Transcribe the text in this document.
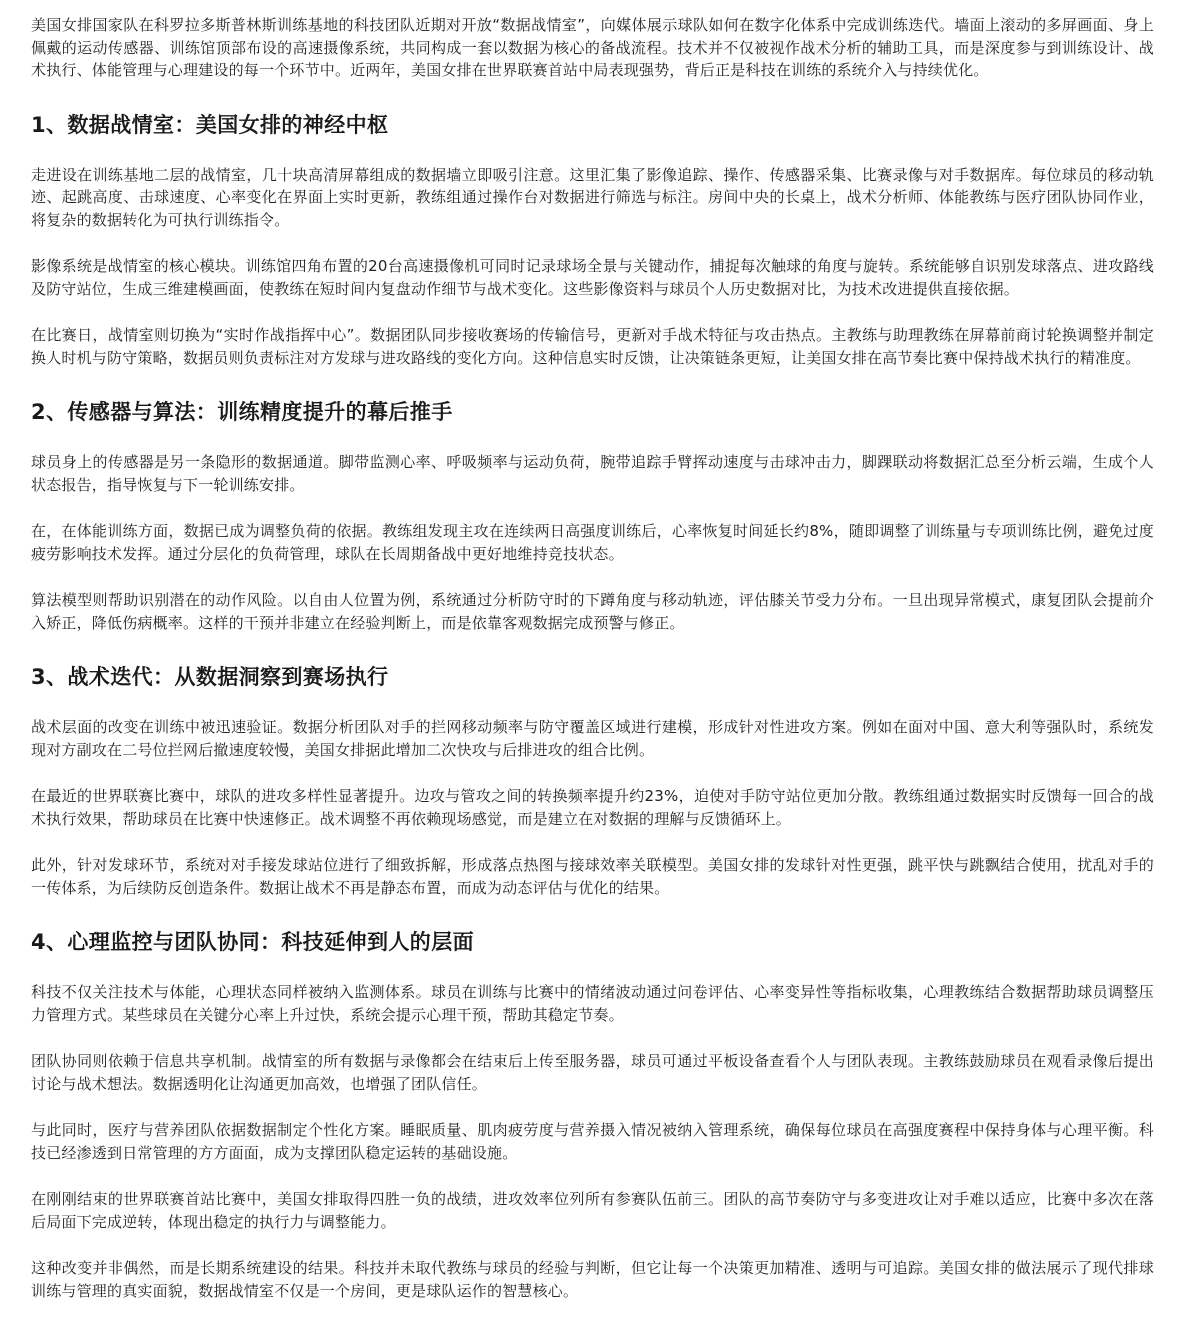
美国女排国家队在科罗拉多斯普林斯训练基地的科技团队近期对开放“数据战情室”，向媒体展示球队如何在数字化体系中完成训练迭代。墙面上滚动的多屏画面、身上佩戴的运动传感器、训练馆顶部布设的高速摄像系统，共同构成一套以数据为核心的备战流程。技术并不仅被视作战术分析的辅助工具，而是深度参与到训练设计、战术执行、体能管理与心理建设的每一个环节中。近两年，美国女排在世界联赛首站中局表现强势，背后正是科技在训练的系统介入与持续优化。

1、数据战情室：美国女排的神经中枢

走进设在训练基地二层的战情室，几十块高清屏幕组成的数据墙立即吸引注意。这里汇集了影像追踪、操作、传感器采集、比赛录像与对手数据库。每位球员的移动轨迹、起跳高度、击球速度、心率变化在界面上实时更新，教练组通过操作台对数据进行筛选与标注。房间中央的长桌上，战术分析师、体能教练与医疗团队协同作业，将复杂的数据转化为可执行训练指令。

影像系统是战情室的核心模块。训练馆四角布置的20台高速摄像机可同时记录球场全景与关键动作，捕捉每次触球的角度与旋转。系统能够自识别发球落点、进攻路线及防守站位，生成三维建模画面，使教练在短时间内复盘动作细节与战术变化。这些影像资料与球员个人历史数据对比，为技术改进提供直接依据。

在比赛日，战情室则切换为“实时作战指挥中心”。数据团队同步接收赛场的传输信号，更新对手战术特征与攻击热点。主教练与助理教练在屏幕前商讨轮换调整并制定换人时机与防守策略，数据员则负责标注对方发球与进攻路线的变化方向。这种信息实时反馈，让决策链条更短，让美国女排在高节奏比赛中保持战术执行的精准度。

2、传感器与算法：训练精度提升的幕后推手

球员身上的传感器是另一条隐形的数据通道。脚带监测心率、呼吸频率与运动负荷，腕带追踪手臂挥动速度与击球冲击力，脚踝联动将数据汇总至分析云端，生成个人状态报告，指导恢复与下一轮训练安排。

在，在体能训练方面，数据已成为调整负荷的依据。教练组发现主攻在连续两日高强度训练后，心率恢复时间延长约8%，随即调整了训练量与专项训练比例，避免过度疲劳影响技术发挥。通过分层化的负荷管理，球队在长周期备战中更好地维持竞技状态。

算法模型则帮助识别潜在的动作风险。以自由人位置为例，系统通过分析防守时的下蹲角度与移动轨迹，评估膝关节受力分布。一旦出现异常模式，康复团队会提前介入矫正，降低伤病概率。这样的干预并非建立在经验判断上，而是依靠客观数据完成预警与修正。

3、战术迭代：从数据洞察到赛场执行

战术层面的改变在训练中被迅速验证。数据分析团队对手的拦网移动频率与防守覆盖区域进行建模，形成针对性进攻方案。例如在面对中国、意大利等强队时，系统发现对方副攻在二号位拦网后撤速度较慢，美国女排据此增加二次快攻与后排进攻的组合比例。

在最近的世界联赛比赛中，球队的进攻多样性显著提升。边攻与管攻之间的转换频率提升约23%，迫使对手防守站位更加分散。教练组通过数据实时反馈每一回合的战术执行效果，帮助球员在比赛中快速修正。战术调整不再依赖现场感觉，而是建立在对数据的理解与反馈循环上。

此外，针对发球环节，系统对对手接发球站位进行了细致拆解，形成落点热图与接球效率关联模型。美国女排的发球针对性更强，跳平快与跳飘结合使用，扰乱对手的一传体系，为后续防反创造条件。数据让战术不再是静态布置，而成为动态评估与优化的结果。

4、心理监控与团队协同：科技延伸到人的层面

科技不仅关注技术与体能，心理状态同样被纳入监测体系。球员在训练与比赛中的情绪波动通过问卷评估、心率变异性等指标收集，心理教练结合数据帮助球员调整压力管理方式。某些球员在关键分心率上升过快，系统会提示心理干预，帮助其稳定节奏。

团队协同则依赖于信息共享机制。战情室的所有数据与录像都会在结束后上传至服务器，球员可通过平板设备查看个人与团队表现。主教练鼓励球员在观看录像后提出讨论与战术想法。数据透明化让沟通更加高效，也增强了团队信任。

与此同时，医疗与营养团队依据数据制定个性化方案。睡眠质量、肌肉疲劳度与营养摄入情况被纳入管理系统，确保每位球员在高强度赛程中保持身体与心理平衡。科技已经渗透到日常管理的方方面面，成为支撑团队稳定运转的基础设施。

在刚刚结束的世界联赛首站比赛中，美国女排取得四胜一负的战绩，进攻效率位列所有参赛队伍前三。团队的高节奏防守与多变进攻让对手难以适应，比赛中多次在落后局面下完成逆转，体现出稳定的执行力与调整能力。

这种改变并非偶然，而是长期系统建设的结果。科技并未取代教练与球员的经验与判断，但它让每一个决策更加精准、透明与可追踪。美国女排的做法展示了现代排球训练与管理的真实面貌，数据战情室不仅是一个房间，更是球队运作的智慧核心。
